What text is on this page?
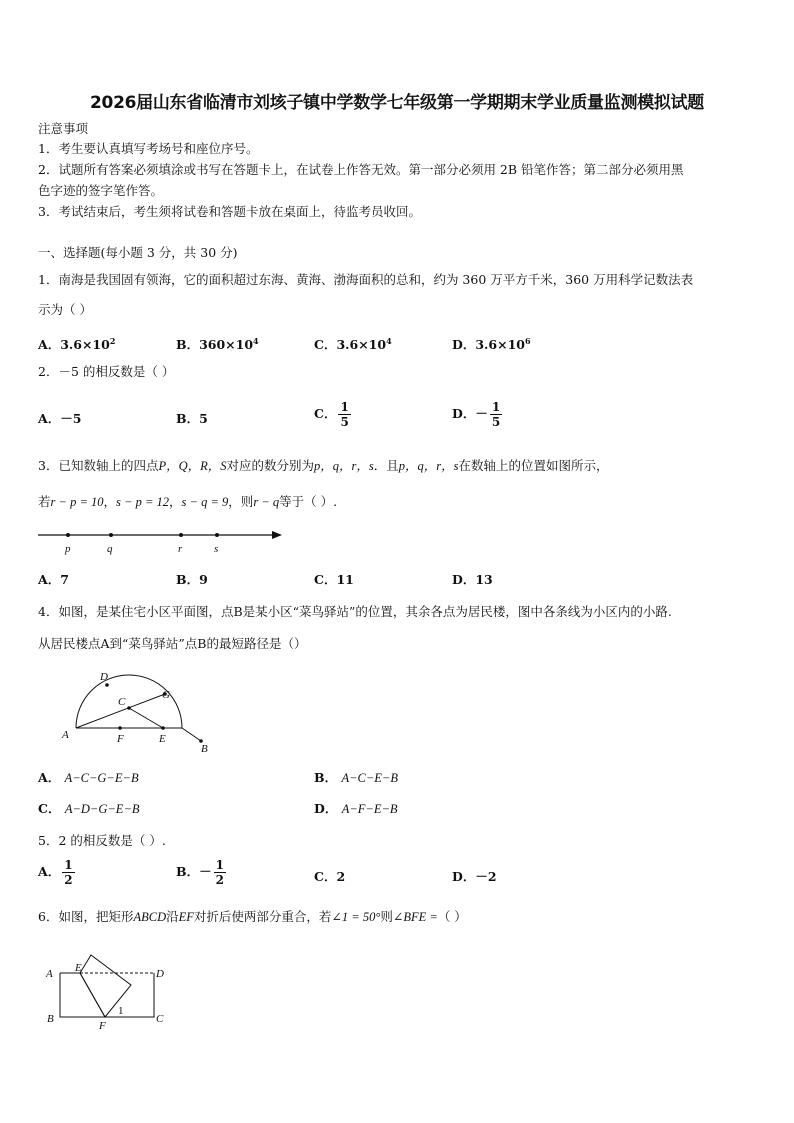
2026届山东省临清市刘垓子镇中学数学七年级第一学期期末学业质量监测模拟试题
注意事项
1．考生要认真填写考场号和座位序号。
2．试题所有答案必须填涂或书写在答题卡上，在试卷上作答无效。第一部分必须用 2B 铅笔作答；第二部分必须用黑
色字迹的签字笔作答。
3．考试结束后，考生须将试卷和答题卡放在桌面上，待监考员收回。
一、选择题(每小题 3 分，共 30 分)
1．南海是我国固有领海，它的面积超过东海、黄海、渤海面积的总和，约为 360 万平方千米，360 万用科学记数法表
示为（ ）
A．$3.6\times 10^2$	B．$360\times 10^4$	C．$3.6\times 10^4$	D．$3.6\times 10^6$
2．－5 的相反数是（ ）
A．－5	B．5	C． $\frac{1}{5}$	D．－ $\frac{1}{5}$
3．已知数轴上的四点P，Q，R，S对应的数分别为p，q，r，s．且p，q，r，s在数轴上的位置如图所示，
若r − p = 10，s − p = 12，s − q = 9，则r − q等于（ ）.
p	q	r	s
A．7	B．9	C．11	D．13
4．如图，是某住宅小区平面图，点B是某小区“菜鸟驿站”的位置，其余各点为居民楼，图中各条线为小区内的小路.
从居民楼点A到“菜鸟驿站”点B的最短路径是（）
D
G
C
A	F	E
B
A． A−C−G−E−B	B． A−C−E−B
C． A−D−G−E−B	D． A−F−E−B
5．2 的相反数是（ ）.
A． $\frac{1}{2}$	B．－ $\frac{1}{2}$	C．2	D．－2
6．如图，把矩形ABCD沿EF对折后使两部分重合，若∠1 = 50°则∠BFE =（ ）
A E	D
B
F
1
C
